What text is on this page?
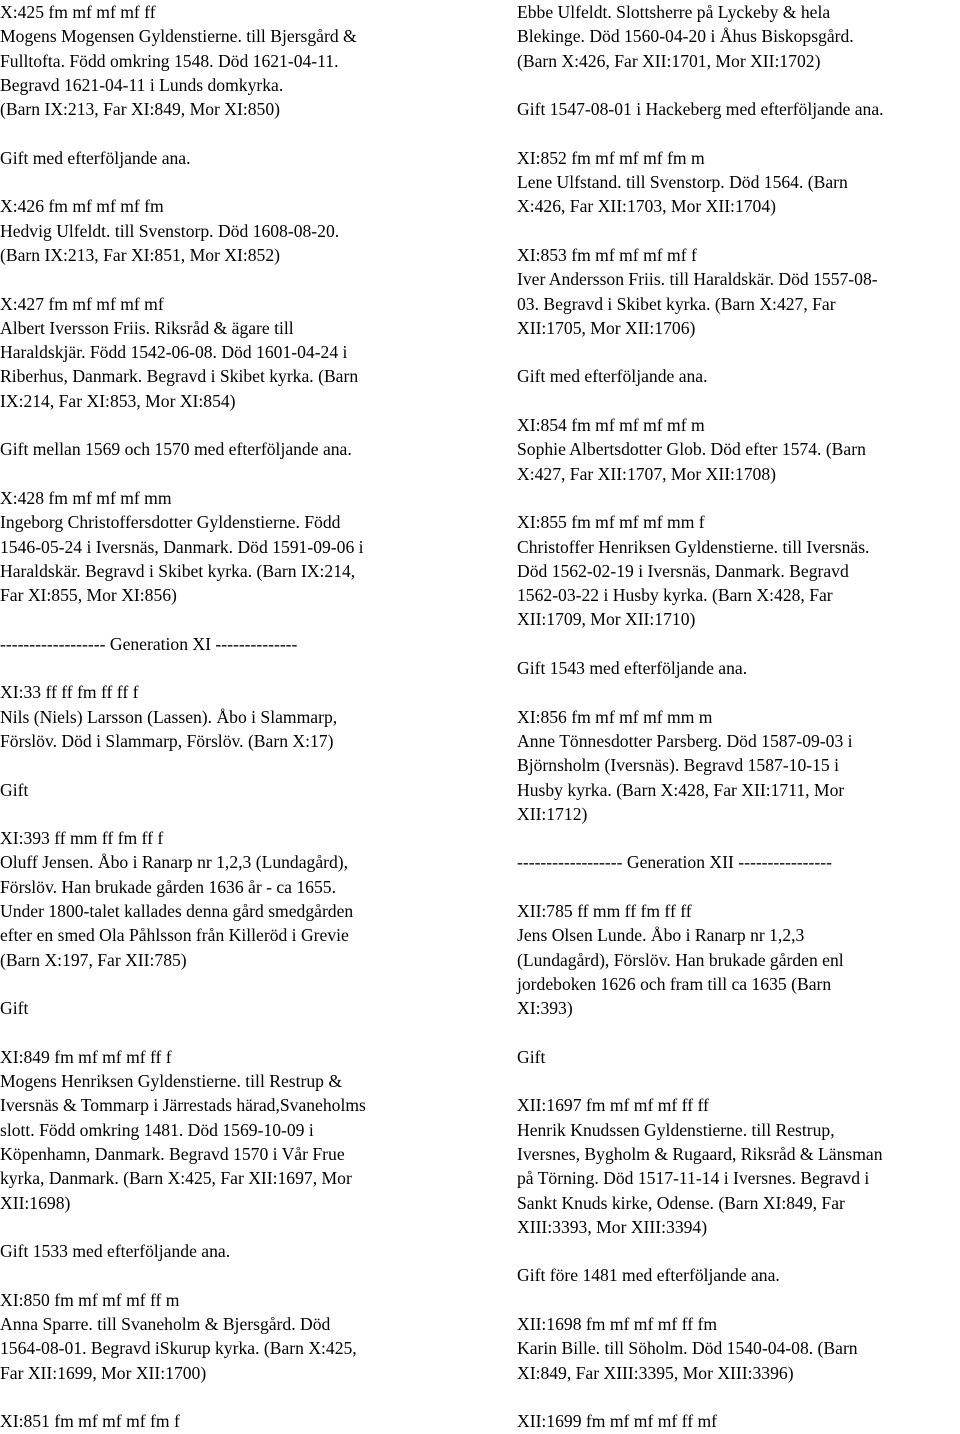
X:425 fm mf mf mf ff
Mogens Mogensen Gyldenstierne. till Bjersgård &
Fulltofta. Född omkring 1548. Död 1621-04-11.
Begravd 1621-04-11 i Lunds domkyrka.
(Barn IX:213, Far XI:849, Mor XI:850)
Gift med efterföljande ana.
X:426 fm mf mf mf fm
Hedvig Ulfeldt. till Svenstorp. Död 1608-08-20.
(Barn IX:213, Far XI:851, Mor XI:852)
X:427 fm mf mf mf mf
Albert Iversson Friis. Riksråd & ägare till
Haraldskjär. Född 1542-06-08. Död 1601-04-24 i
Riberhus, Danmark. Begravd i Skibet kyrka. (Barn
IX:214, Far XI:853, Mor XI:854)
Gift mellan 1569 och 1570 med efterföljande ana.
X:428 fm mf mf mf mm
Ingeborg Christoffersdotter Gyldenstierne. Född
1546-05-24 i Iversnäs, Danmark. Död 1591-09-06 i
Haraldskär. Begravd i Skibet kyrka. (Barn IX:214,
Far XI:855, Mor XI:856)
------------------ Generation XI --------------
XI:33 ff ff fm ff ff f
Nils (Niels) Larsson (Lassen). Åbo i Slammarp,
Förslöv. Död i Slammarp, Förslöv. (Barn X:17)
Gift
XI:393 ff mm ff fm ff f
Oluff Jensen. Åbo i Ranarp nr 1,2,3 (Lundagård),
Förslöv. Han brukade gården 1636 år - ca 1655.
Under 1800-talet kallades denna gård smedgården
efter en smed Ola Påhlsson från Killeröd i Grevie
(Barn X:197, Far XII:785)
Gift
XI:849 fm mf mf mf ff f
Mogens Henriksen Gyldenstierne. till Restrup &
Iversnäs & Tommarp i Järrestads härad,Svaneholms
slott. Född omkring 1481. Död 1569-10-09 i
Köpenhamn, Danmark. Begravd 1570 i Vår Frue
kyrka, Danmark. (Barn X:425, Far XII:1697, Mor
XII:1698)
Gift 1533 med efterföljande ana.
XI:850 fm mf mf mf ff m
Anna Sparre. till Svaneholm & Bjersgård. Död
1564-08-01. Begravd iSkurup kyrka. (Barn X:425,
Far XII:1699, Mor XII:1700)
XI:851 fm mf mf mf fm f
Ebbe Ulfeldt. Slottsherre på Lyckeby & hela
Blekinge. Död 1560-04-20 i Åhus Biskopsgård.
(Barn X:426, Far XII:1701, Mor XII:1702)
Gift 1547-08-01 i Hackeberg med efterföljande ana.
XI:852 fm mf mf mf fm m
Lene Ulfstand. till Svenstorp. Död 1564. (Barn
X:426, Far XII:1703, Mor XII:1704)
XI:853 fm mf mf mf mf f
Iver Andersson Friis. till Haraldskär. Död 1557-08-
03. Begravd i Skibet kyrka. (Barn X:427, Far
XII:1705, Mor XII:1706)
Gift med efterföljande ana.
XI:854 fm mf mf mf mf m
Sophie Albertsdotter Glob. Död efter 1574. (Barn
X:427, Far XII:1707, Mor XII:1708)
XI:855 fm mf mf mf mm f
Christoffer Henriksen Gyldenstierne. till Iversnäs.
Död 1562-02-19 i Iversnäs, Danmark. Begravd
1562-03-22 i Husby kyrka. (Barn X:428, Far
XII:1709, Mor XII:1710)
Gift 1543 med efterföljande ana.
XI:856 fm mf mf mf mm m
Anne Tönnesdotter Parsberg. Död 1587-09-03 i
Björnsholm (Iversnäs). Begravd 1587-10-15 i
Husby kyrka. (Barn X:428, Far XII:1711, Mor
XII:1712)
------------------ Generation XII ----------------
XII:785 ff mm ff fm ff ff
Jens Olsen Lunde. Åbo i Ranarp nr 1,2,3
(Lundagård), Förslöv. Han brukade gården enl
jordeboken 1626 och fram till ca 1635 (Barn
XI:393)
Gift
XII:1697 fm mf mf mf ff ff
Henrik Knudssen Gyldenstierne. till Restrup,
Iversnes, Bygholm & Rugaard, Riksråd & Länsman
på Törning. Död 1517-11-14 i Iversnes. Begravd i
Sankt Knuds kirke, Odense. (Barn XI:849, Far
XIII:3393, Mor XIII:3394)
Gift före 1481 med efterföljande ana.
XII:1698 fm mf mf mf ff fm
Karin Bille. till Söholm. Död 1540-04-08. (Barn
XI:849, Far XIII:3395, Mor XIII:3396)
XII:1699 fm mf mf mf ff mf
